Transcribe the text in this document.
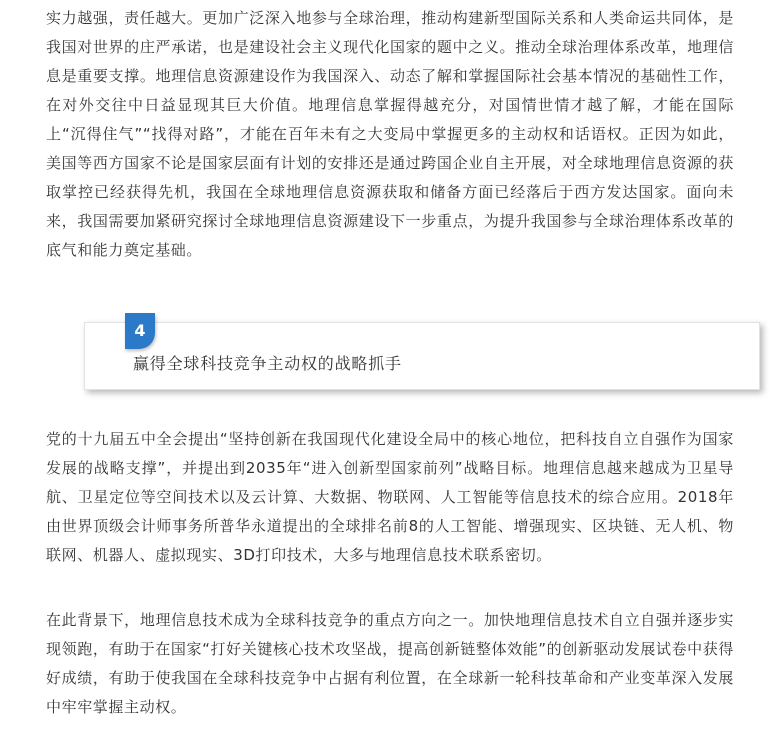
实力越强，责任越大。更加广泛深入地参与全球治理，推动构建新型国际关系和人类命运共同体，是我国对世界的庄严承诺，也是建设社会主义现代化国家的题中之义。推动全球治理体系改革，地理信息是重要支撑。地理信息资源建设作为我国深入、动态了解和掌握国际社会基本情况的基础性工作，在对外交往中日益显现其巨大价值。地理信息掌握得越充分，对国情世情才越了解，才能在国际上“沉得住气”“找得对路”，才能在百年未有之大变局中掌握更多的主动权和话语权。正因为如此，美国等西方国家不论是国家层面有计划的安排还是通过跨国企业自主开展，对全球地理信息资源的获取掌控已经获得先机，我国在全球地理信息资源获取和储备方面已经落后于西方发达国家。面向未来，我国需要加紧研究探讨全球地理信息资源建设下一步重点，为提升我国参与全球治理体系改革的底气和能力奠定基础。

4
赢得全球科技竞争主动权的战略抓手

党的十九届五中全会提出“坚持创新在我国现代化建设全局中的核心地位，把科技自立自强作为国家发展的战略支撑”，并提出到2035年“进入创新型国家前列”战略目标。地理信息越来越成为卫星导航、卫星定位等空间技术以及云计算、大数据、物联网、人工智能等信息技术的综合应用。2018年由世界顶级会计师事务所普华永道提出的全球排名前8的人工智能、增强现实、区块链、无人机、物联网、机器人、虚拟现实、3D打印技术，大多与地理信息技术联系密切。

在此背景下，地理信息技术成为全球科技竞争的重点方向之一。加快地理信息技术自立自强并逐步实现领跑，有助于在国家“打好关键核心技术攻坚战，提高创新链整体效能”的创新驱动发展试卷中获得好成绩，有助于使我国在全球科技竞争中占据有利位置，在全球新一轮科技革命和产业变革深入发展中牢牢掌握主动权。
